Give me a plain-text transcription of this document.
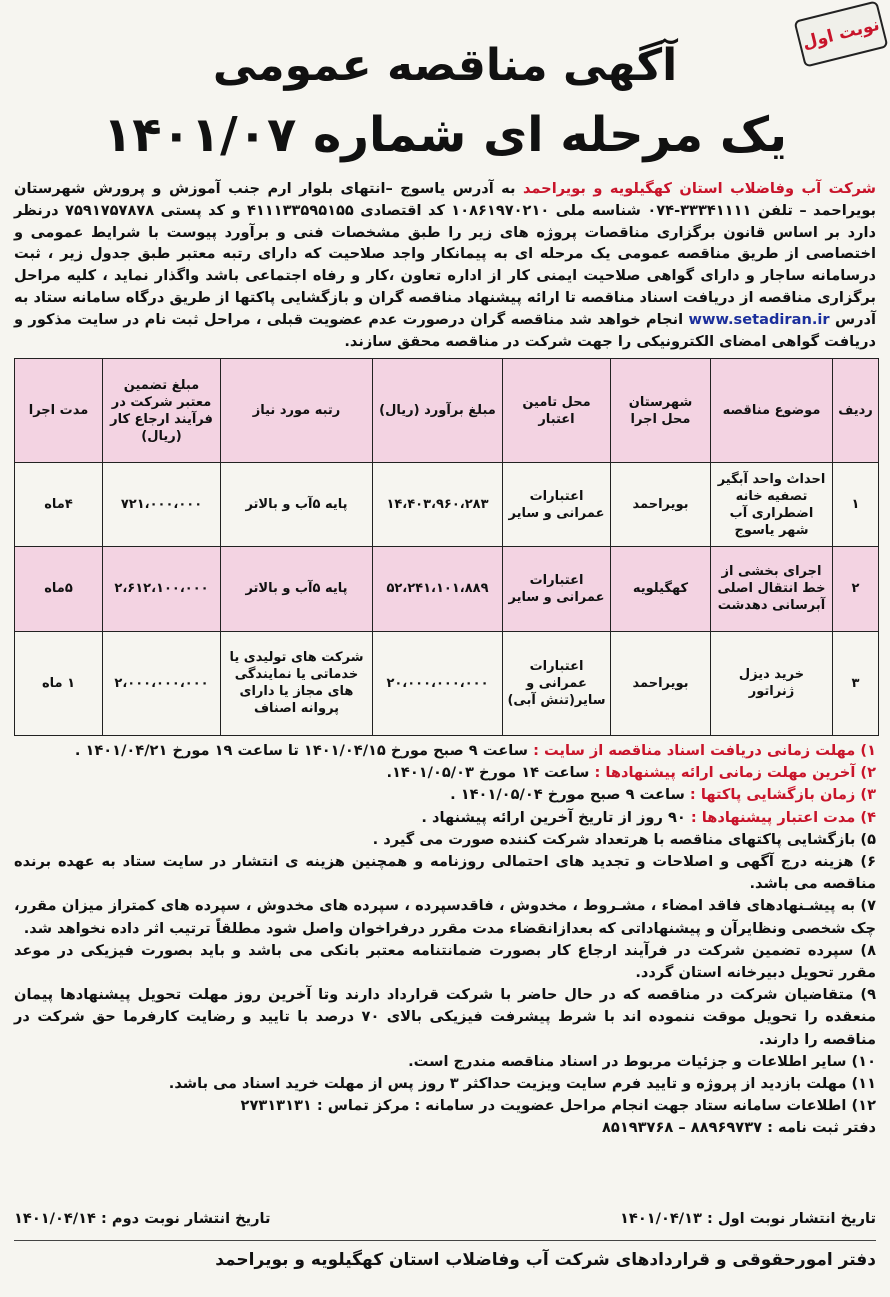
نوبت اول
آگهی مناقصه عمومی
یک مرحله ای شماره ۱۴۰۱/۰۷
شرکت آب وفاضلاب استان کهگیلویه و بویراحمد به آدرس یاسوج –انتهای بلوار ارم جنب آموزش و پرورش شهرستان بویراحمد – تلفن ۳۳۳۴۱۱۱۱-۰۷۴ شناسه ملی ۱۰۸۶۱۹۷۰۲۱۰ کد اقتصادی ۴۱۱۱۳۳۵۹۵۱۵۵ و کد پستی ۷۵۹۱۷۵۷۸۷۸ درنظر دارد بر اساس قانون برگزاری مناقصات پروژه های زیر را طبق مشخصات فنی و برآورد پیوست با شرایط عمومی و اختصاصی از طریق مناقصه عمومی یک مرحله ای به پیمانکار واجد صلاحیت که دارای رتبه معتبر طبق جدول زیر ، ثبت درسامانه ساجار و دارای گواهی صلاحیت ایمنی کار از اداره تعاون ،کار و رفاه اجتماعی باشد واگذار نماید ، کلیه مراحل برگزاری مناقصه از دریافت اسناد مناقصه تا ارائه پیشنهاد مناقصه گران و بازگشایی پاکتها از طریق درگاه سامانه ستاد به آدرس www.setadiran.ir انجام خواهد شد مناقصه گران درصورت عدم عضویت قبلی ، مراحل ثبت نام در سایت مذکور و دریافت گواهی امضای الکترونیکی را جهت شرکت در مناقصه محقق سازند.
ردیف	موضوع مناقصه	شهرستان محل اجرا	محل تامین اعتبار	مبلغ برآورد (ریال)	رتبه مورد نیاز	مبلغ تضمین معتبر شرکت در فرآیند ارجاع کار (ریال)	مدت اجرا
۱	احداث واحد آبگیر تصفیه خانه اضطراری آب شهر یاسوج	بویراحمد	اعتبارات عمرانی و سایر	۱۴،۴۰۳،۹۶۰،۲۸۳	پایه ۵آب و بالاتر	۷۲۱،۰۰۰،۰۰۰	۴ماه
۲	اجرای بخشی از خط انتقال اصلی آبرسانی دهدشت	کهگیلویه	اعتبارات عمرانی و سایر	۵۲،۲۴۱،۱۰۱،۸۸۹	پایه ۵آب و بالاتر	۲،۶۱۲،۱۰۰،۰۰۰	۵ماه
۳	خرید دیزل ژنراتور	بویراحمد	اعتبارات عمرانی و سایر(تنش آبی)	۲۰،۰۰۰،۰۰۰،۰۰۰	شرکت های تولیدی یا خدماتی یا نمایندگی های مجاز یا دارای پروانه اصناف	۲،۰۰۰،۰۰۰،۰۰۰	۱ ماه

۱) مهلت زمانی دریافت اسناد مناقصه از سایت : ساعت ۹ صبح مورخ ۱۴۰۱/۰۴/۱۵ تا ساعت ۱۹ مورخ ۱۴۰۱/۰۴/۲۱ .

۲) آخرین مهلت زمانی ارائه پیشنهادها : ساعت ۱۴ مورخ ۱۴۰۱/۰۵/۰۳.

۳) زمان بازگشایی پاکتها : ساعت ۹ صبح مورخ ۱۴۰۱/۰۵/۰۴ .

۴) مدت اعتبار پیشنهادها : ۹۰ روز از تاریخ آخرین ارائه پیشنهاد .

۵) بازگشایی پاکتهای مناقصه با هرتعداد شرکت کننده صورت می گیرد .

۶) هزینه درج آگهی و اصلاحات و تجدید های احتمالی روزنامه و همچنین هزینه ی انتشار در سایت ستاد به عهده برنده مناقصه می باشد.

۷) به پیشـنهادهای فاقد امضاء ، مشـروط ، مخدوش ، فاقدسپرده ، سپرده های مخدوش ، سپرده های کمتراز میزان مقرر، چک شخصی ونظایرآن و پیشنهاداتی که بعدازانقضاء مدت مقرر درفراخوان واصل شود مطلقاً ترتیب اثر داده نخواهد شد.

۸) سپرده تضمین شرکت در فرآیند ارجاع کار بصورت ضمانتنامه معتبر بانکی می باشد و باید بصورت فیزیکی در موعد مقرر تحویل دبیرخانه استان گردد.

۹) متقاضیان شرکت در مناقصه که در حال حاضر با شرکت قرارداد دارند وتا آخرین روز مهلت تحویل پیشنهادها پیمان منعقده را تحویل موقت ننموده اند با شرط پیشرفت فیزیکی بالای ۷۰ درصد با تایید و رضایت کارفرما حق شرکت در مناقصه را دارند.

۱۰) سایر اطلاعات و جزئیات مربوط در اسناد مناقصه مندرج است.

۱۱) مهلت بازدید از پروژه و تایید فرم سایت ویزیت حداکثر ۳ روز پس از مهلت خرید اسناد می باشد.

۱۲) اطلاعات سامانه ستاد جهت انجام مراحل عضویت در سامانه : مرکز تماس : ۲۷۳۱۳۱۳۱

دفتر ثبت نامه : ۸۸۹۶۹۷۳۷ – ۸۵۱۹۳۷۶۸

تاریخ انتشار نوبت اول : ۱۴۰۱/۰۴/۱۳
تاریخ انتشار نوبت دوم : ۱۴۰۱/۰۴/۱۴
دفتر امورحقوقی و قراردادهای شرکت آب وفاضلاب استان کهگیلویه و بویراحمد
